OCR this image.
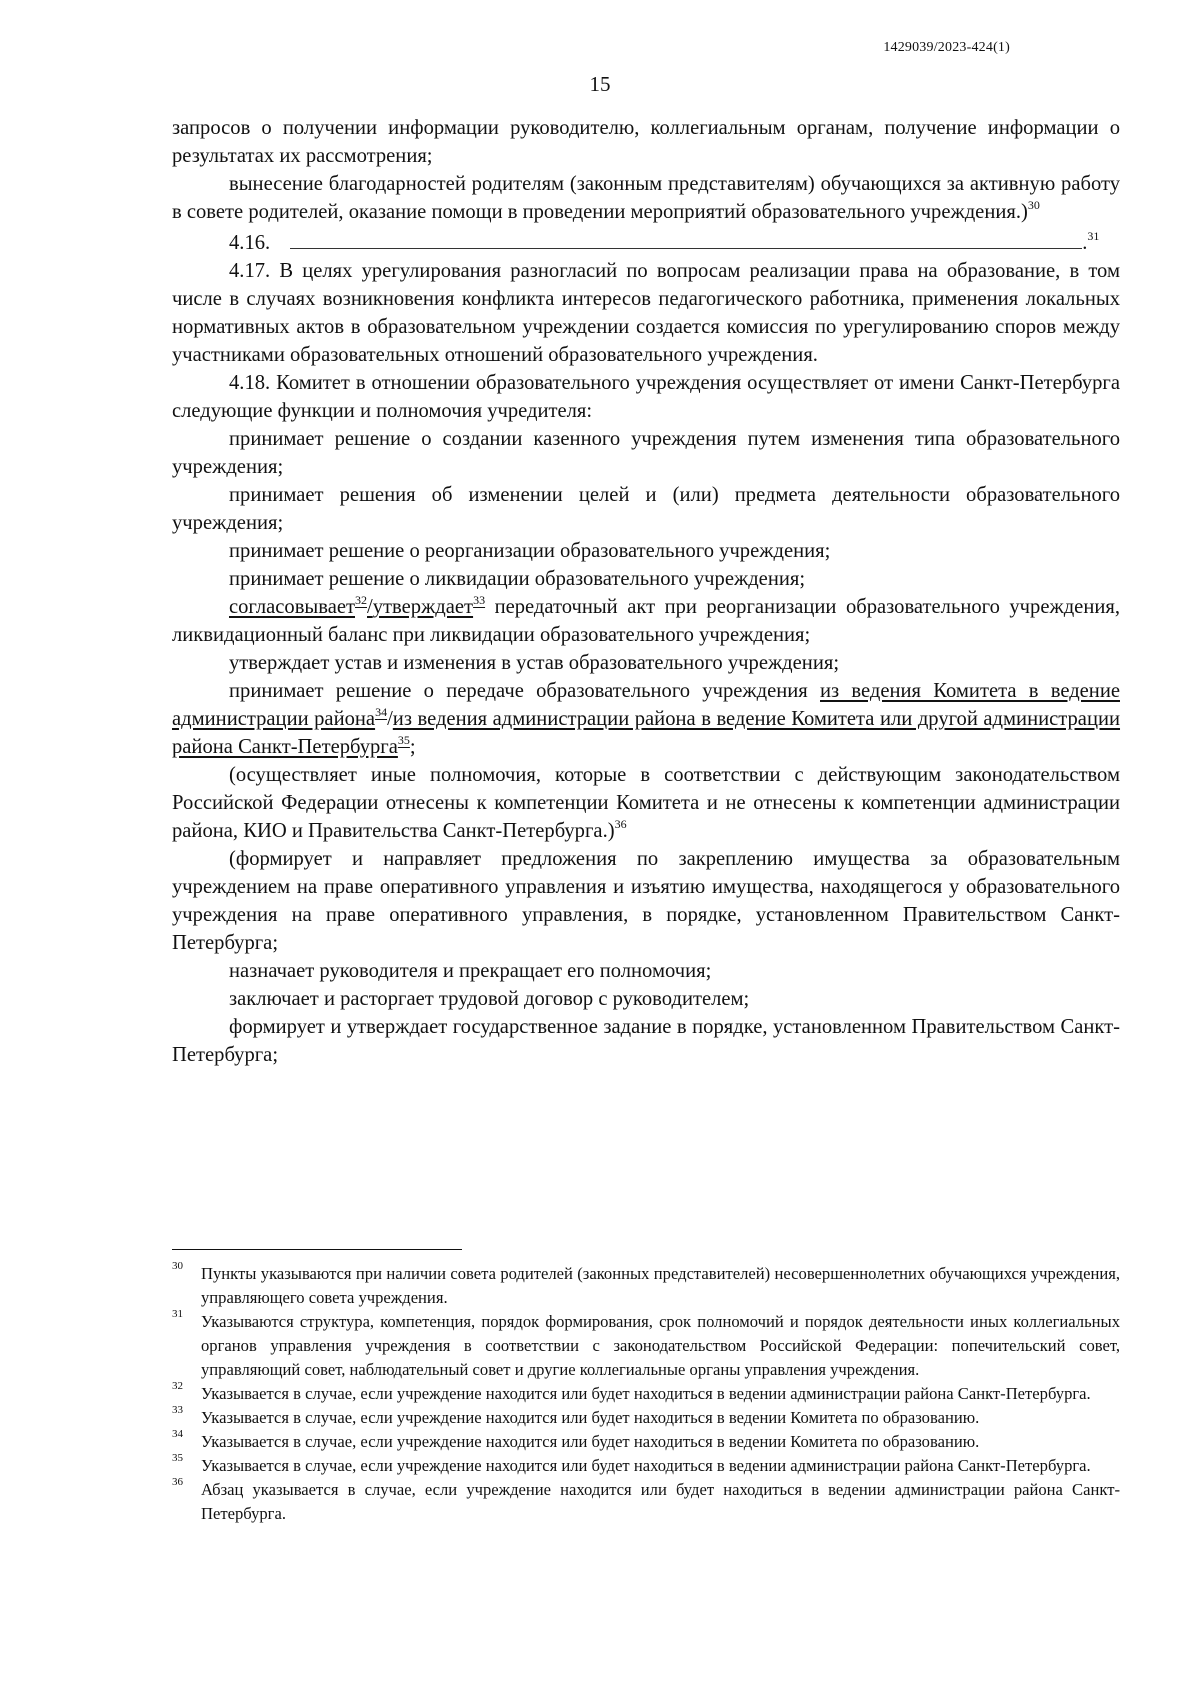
1429039/2023-424(1)
15

запросов о получении информации руководителю, коллегиальным органам, получение информации о результатах их рассмотрения;

вынесение благодарностей родителям (законным представителям) обучающихся за активную работу в совете родителей, оказание помощи в проведении мероприятий образовательного учреждения.)$^{30}$

4.16.	.$^{31}$

4.17. В целях урегулирования разногласий по вопросам реализации права на образование, в том числе в случаях возникновения конфликта интересов педагогического работника, применения локальных нормативных актов в образовательном учреждении создается комиссия по урегулированию споров между участниками образовательных отношений образовательного учреждения.

4.18. Комитет в отношении образовательного учреждения осуществляет от имени Санкт-Петербурга следующие функции и полномочия учредителя:

принимает решение о создании казенного учреждения путем изменения типа образовательного учреждения;

принимает решения об изменении целей и (или) предмета деятельности образовательного учреждения;

принимает решение о реорганизации образовательного учреждения;

принимает решение о ликвидации образовательного учреждения;

согласовывает$^{32}$/утверждает$^{33}$ передаточный акт при реорганизации образовательного учреждения, ликвидационный баланс при ликвидации образовательного учреждения;

утверждает устав и изменения в устав образовательного учреждения;

принимает решение о передаче образовательного учреждения из ведения Комитета в ведение администрации района$^{34}$/из ведения администрации района в ведение Комитета или другой администрации района Санкт-Петербурга$^{35}$;

(осуществляет иные полномочия, которые в соответствии с действующим законодательством Российской Федерации отнесены к компетенции Комитета и не отнесены к компетенции администрации района, КИО и Правительства Санкт-Петербурга.)$^{36}$

(формирует и направляет предложения по закреплению имущества за образовательным учреждением на праве оперативного управления и изъятию имущества, находящегося у образовательного учреждения на праве оперативного управления, в порядке, установленном Правительством Санкт-Петербурга;

назначает руководителя и прекращает его полномочия;

заключает и расторгает трудовой договор с руководителем;

формирует и утверждает государственное задание в порядке, установленном Правительством Санкт-Петербурга;

30 Пункты указываются при наличии совета родителей (законных представителей) несовершеннолетних обучающихся учреждения, управляющего совета учреждения.
31 Указываются структура, компетенция, порядок формирования, срок полномочий и порядок деятельности иных коллегиальных органов управления учреждения в соответствии с законодательством Российской Федерации: попечительский совет, управляющий совет, наблюдательный совет и другие коллегиальные органы управления учреждения.
32 Указывается в случае, если учреждение находится или будет находиться в ведении администрации района Санкт-Петербурга.
33 Указывается в случае, если учреждение находится или будет находиться в ведении Комитета по образованию.
34 Указывается в случае, если учреждение находится или будет находиться в ведении Комитета по образованию.
35 Указывается в случае, если учреждение находится или будет находиться в ведении администрации района Санкт-Петербурга.
36 Абзац указывается в случае, если учреждение находится или будет находиться в ведении администрации района Санкт-Петербурга.
